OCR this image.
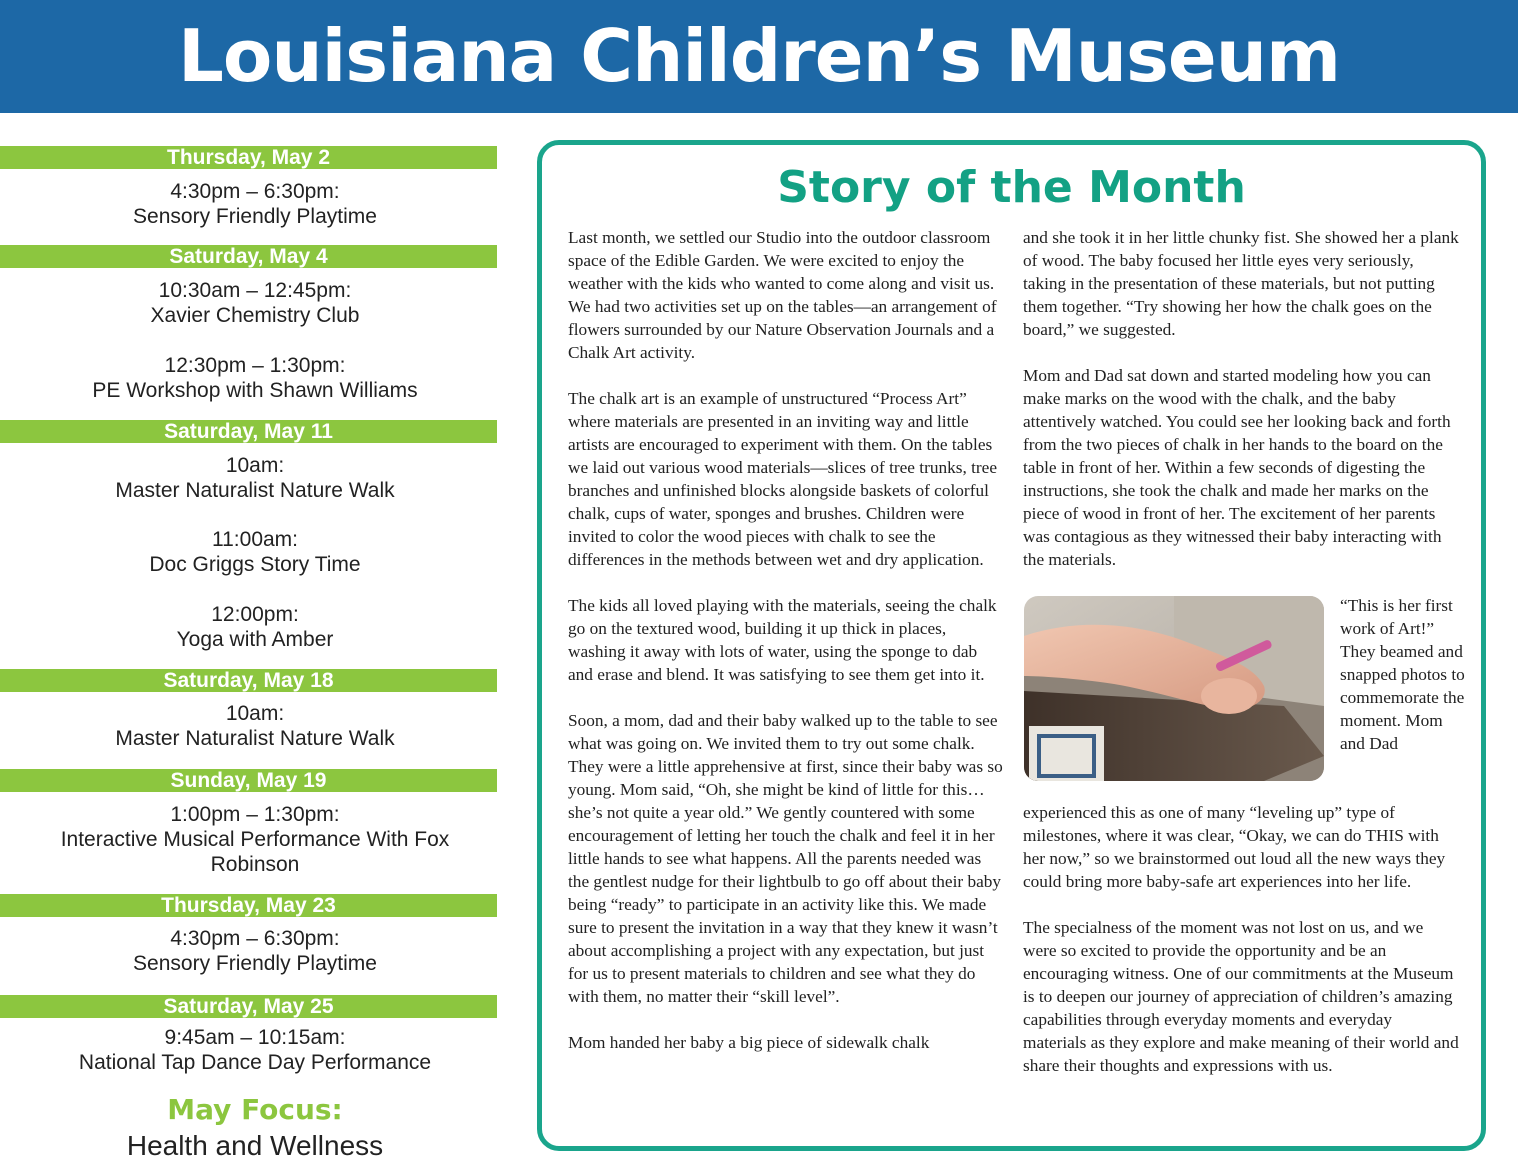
Louisiana Children’s Museum
Thursday, May 2
4:30pm – 6:30pm:
Sensory Friendly Playtime
Saturday, May 4
10:30am – 12:45pm:
Xavier Chemistry Club
12:30pm – 1:30pm:
PE Workshop with Shawn Williams
Saturday, May 11
10am:
Master Naturalist Nature Walk
11:00am:
Doc Griggs Story Time
12:00pm:
Yoga with Amber
Saturday, May 18
10am:
Master Naturalist Nature Walk
Sunday, May 19
1:00pm – 1:30pm:
Interactive Musical Performance With Fox Robinson
Thursday, May 23
4:30pm – 6:30pm:
Sensory Friendly Playtime
Saturday, May 25
9:45am – 10:15am:
National Tap Dance Day Performance
May Focus:
Health and Wellness
Story of the Month

Last month, we settled our Studio into the outdoor classroom space of the Edible Garden. We were excited to enjoy the weather with the kids who wanted to come along and visit us. We had two activities set up on the tables—an arrangement of flowers surrounded by our Nature Observation Journals and a Chalk Art activity.

The chalk art is an example of unstructured “Process Art” where materials are presented in an inviting way and little artists are encouraged to experiment with them. On the tables we laid out various wood materials—slices of tree trunks, tree branches and unfinished blocks alongside baskets of colorful chalk, cups of water, sponges and brushes. Children were invited to color the wood pieces with chalk to see the differences in the methods between wet and dry application.

The kids all loved playing with the materials, seeing the chalk go on the textured wood, building it up thick in places, washing it away with lots of water, using the sponge to dab and erase and blend. It was satisfying to see them get into it.

Soon, a mom, dad and their baby walked up to the table to see what was going on. We invited them to try out some chalk. They were a little apprehensive at first, since their baby was so young. Mom said, “Oh, she might be kind of little for this…she’s not quite a year old.” We gently countered with some encouragement of letting her touch the chalk and feel it in her little hands to see what happens. All the parents needed was the gentlest nudge for their lightbulb to go off about their baby being “ready” to participate in an activity like this. We made sure to present the invitation in a way that they knew it wasn’t about accomplishing a project with any expectation, but just for us to present materials to children and see what they do with them, no matter their “skill level”.

Mom handed her baby a big piece of sidewalk chalk

and she took it in her little chunky fist. She showed her a plank of wood. The baby focused her little eyes very seriously, taking in the presentation of these materials, but not putting them together. “Try showing her how the chalk goes on the board,” we suggested.

Mom and Dad sat down and started modeling how you can make marks on the wood with the chalk, and the baby attentively watched. You could see her looking back and forth from the two pieces of chalk in her hands to the board on the table in front of her. Within a few seconds of digesting the instructions, she took the chalk and made her marks on the piece of wood in front of her. The excitement of her parents was contagious as they witnessed their baby interacting with the materials.

“This is her first work of Art!” They beamed and snapped photos to commemorate the moment. Mom and Dad

experienced this as one of many “leveling up” type of milestones, where it was clear, “Okay, we can do THIS with her now,” so we brainstormed out loud all the new ways they could bring more baby-safe art experiences into her life.

The specialness of the moment was not lost on us, and we were so excited to provide the opportunity and be an encouraging witness. One of our commitments at the Museum is to deepen our journey of appreciation of children’s amazing capabilities through everyday moments and everyday materials as they explore and make meaning of their world and share their thoughts and expressions with us.
